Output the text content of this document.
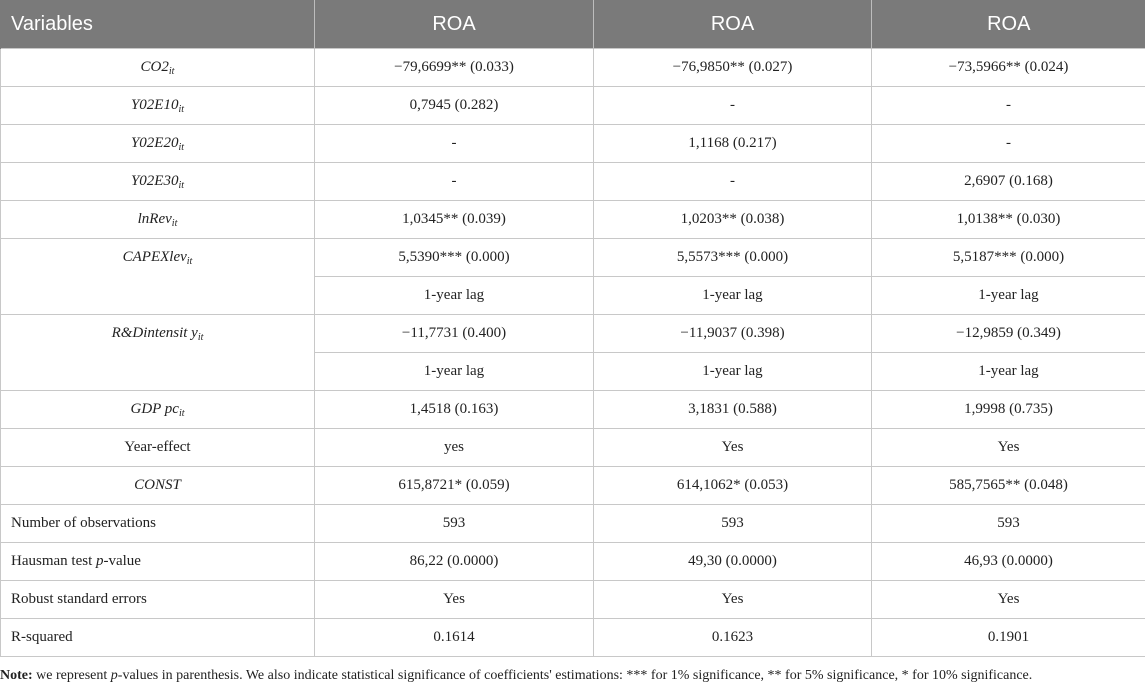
Variables	ROA	ROA	ROA
$CO2_{it}$	−79,6699** (0.033)	−76,9850** (0.027)	−73,5966** (0.024)
$Y02E10_{it}$	0,7945 (0.282)	-	-
$Y02E20_{it}$	-	1,1168 (0.217)	-
$Y02E30_{it}$	-	-	2,6907 (0.168)
lnRev$_{it}$	1,0345** (0.039)	1,0203** (0.038)	1,0138** (0.030)
CAPEXlev$_{it}$	5,5390*** (0.000)	5,5573*** (0.000)	5,5187*** (0.000)
	1-year lag	1-year lag	1-year lag
R&Dintensit $y_{it}$	−11,7731 (0.400)	−11,9037 (0.398)	−12,9859 (0.349)
	1-year lag	1-year lag	1-year lag
GDP $pc_{it}$	1,4518 (0.163)	3,1831 (0.588)	1,9998 (0.735)
Year-effect	yes	Yes	Yes
CONST	615,8721* (0.059)	614,1062* (0.053)	585,7565** (0.048)
Number of observations	593	593	593
Hausman test p-value	86,22 (0.0000)	49,30 (0.0000)	46,93 (0.0000)
Robust standard errors	Yes	Yes	Yes
R-squared	0.1614	0.1623	0.1901
Note: we represent p-values in parenthesis. We also indicate statistical significance of coefficients' estimations: *** for 1% significance, ** for 5% significance, * for 10% significance.
